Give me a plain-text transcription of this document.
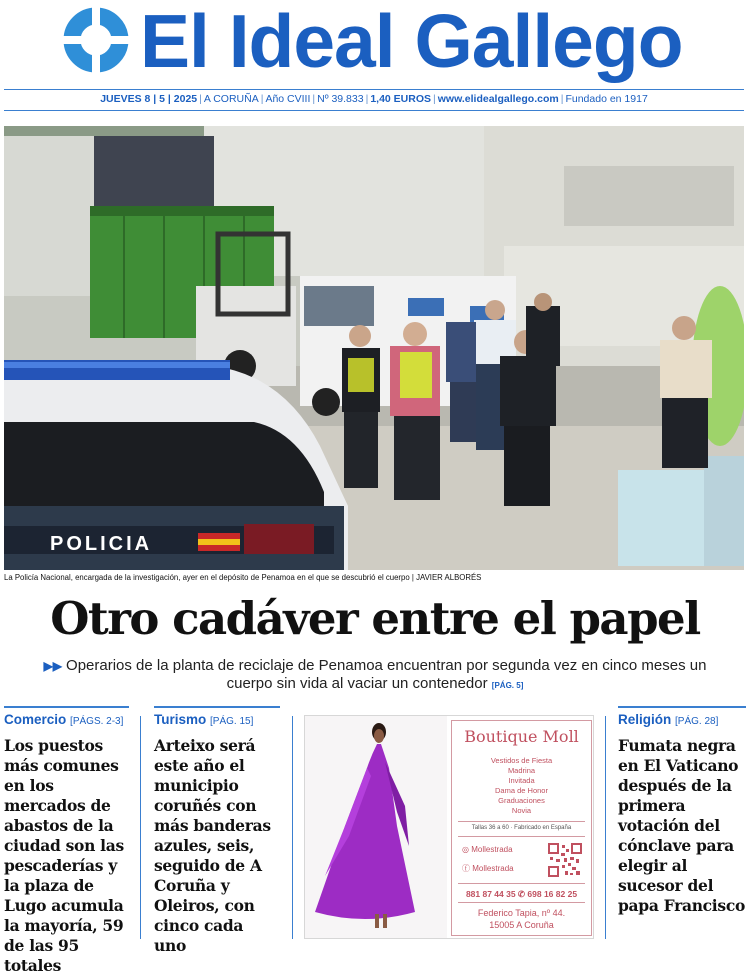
El Ideal Gallego
JUEVES 8 | 5 | 2025 | A CORUÑA | Año CVIII | Nº 39.833 | 1,40 EUROS | www.elidealgallego.com | Fundado en 1917
POLICIA
La Policía Nacional, encargada de la investigación, ayer en el depósito de Penamoa en el que se descubrió el cuerpo | JAVIER ALBORÉS
Otro cadáver entre el papel
▶▶ Operarios de la planta de reciclaje de Penamoa encuentran por segunda vez en cinco meses un cuerpo sin vida al vaciar un contenedor [PÁG. 5]
Comercio [PÁGS. 2-3]
Los puestos más comunes en los mercados de abastos de la ciudad son las pescaderías y la plaza de Lugo acumula la mayoría, 59 de las 95 totales
Turismo [PÁG. 15]
Arteixo será este año el municipio coruñés con más banderas azules, seis, seguido de A Coruña y Oleiros, con cinco cada uno
Religión [PÁG. 28]
Fumata negra en El Vaticano después de la primera votación del cónclave para elegir al sucesor del papa Francisco
Boutique Moll
Vestidos de Fiesta
Madrina
Invitada
Dama de Honor
Graduaciones
Novia
Tallas 36 a 60 · Fabricado en España
◎ Mollestrada
ⓕ Mollestrada
881 87 44 35 ✆ 698 16 82 25
Federico Tapia, nº 44.
15005 A Coruña
